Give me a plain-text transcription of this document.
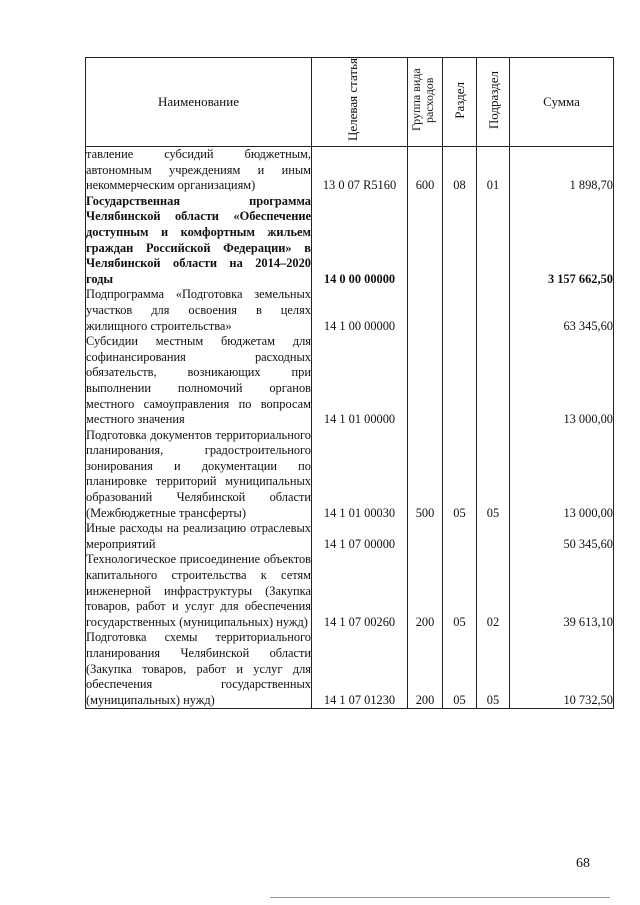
Наименование	Целевая статья	Группа вида расходов	Раздел	Подраздел	Сумма
тавление субсидий бюджетным, автономным учреждениям и иным некоммерческим организациям)	13 0 07 R5160	600	08	01	1 898,70
Государственная программа Челябинской области «Обеспечение доступным и комфортным жильем граждан Российской Федерации» в Челябинской области на 2014–2020 годы	14 0 00 00000				3 157 662,50
Подпрограмма «Подготовка земельных участков для освоения в целях жилищного строительства»	14 1 00 00000				63 345,60
Субсидии местным бюджетам для софинансирования расходных обязательств, возникающих при выполнении полномочий органов местного самоуправления по вопросам местного значения	14 1 01 00000				13 000,00
Подготовка документов территориального планирования, градостроительного зонирования и документации по планировке территорий муниципальных образований Челябинской области (Межбюджетные трансферты)	14 1 01 00030	500	05	05	13 000,00
Иные расходы на реализацию отраслевых мероприятий	14 1 07 00000				50 345,60
Технологическое присоединение объектов капитального строительства к сетям инженерной инфраструктуры (Закупка товаров, работ и услуг для обеспечения государственных (муниципальных) нужд)	14 1 07 00260	200	05	02	39 613,10
Подготовка схемы территориального планирования Челябинской области (Закупка товаров, работ и услуг для обеспечения государственных (муниципальных) нужд)	14 1 07 01230	200	05	05	10 732,50
68
